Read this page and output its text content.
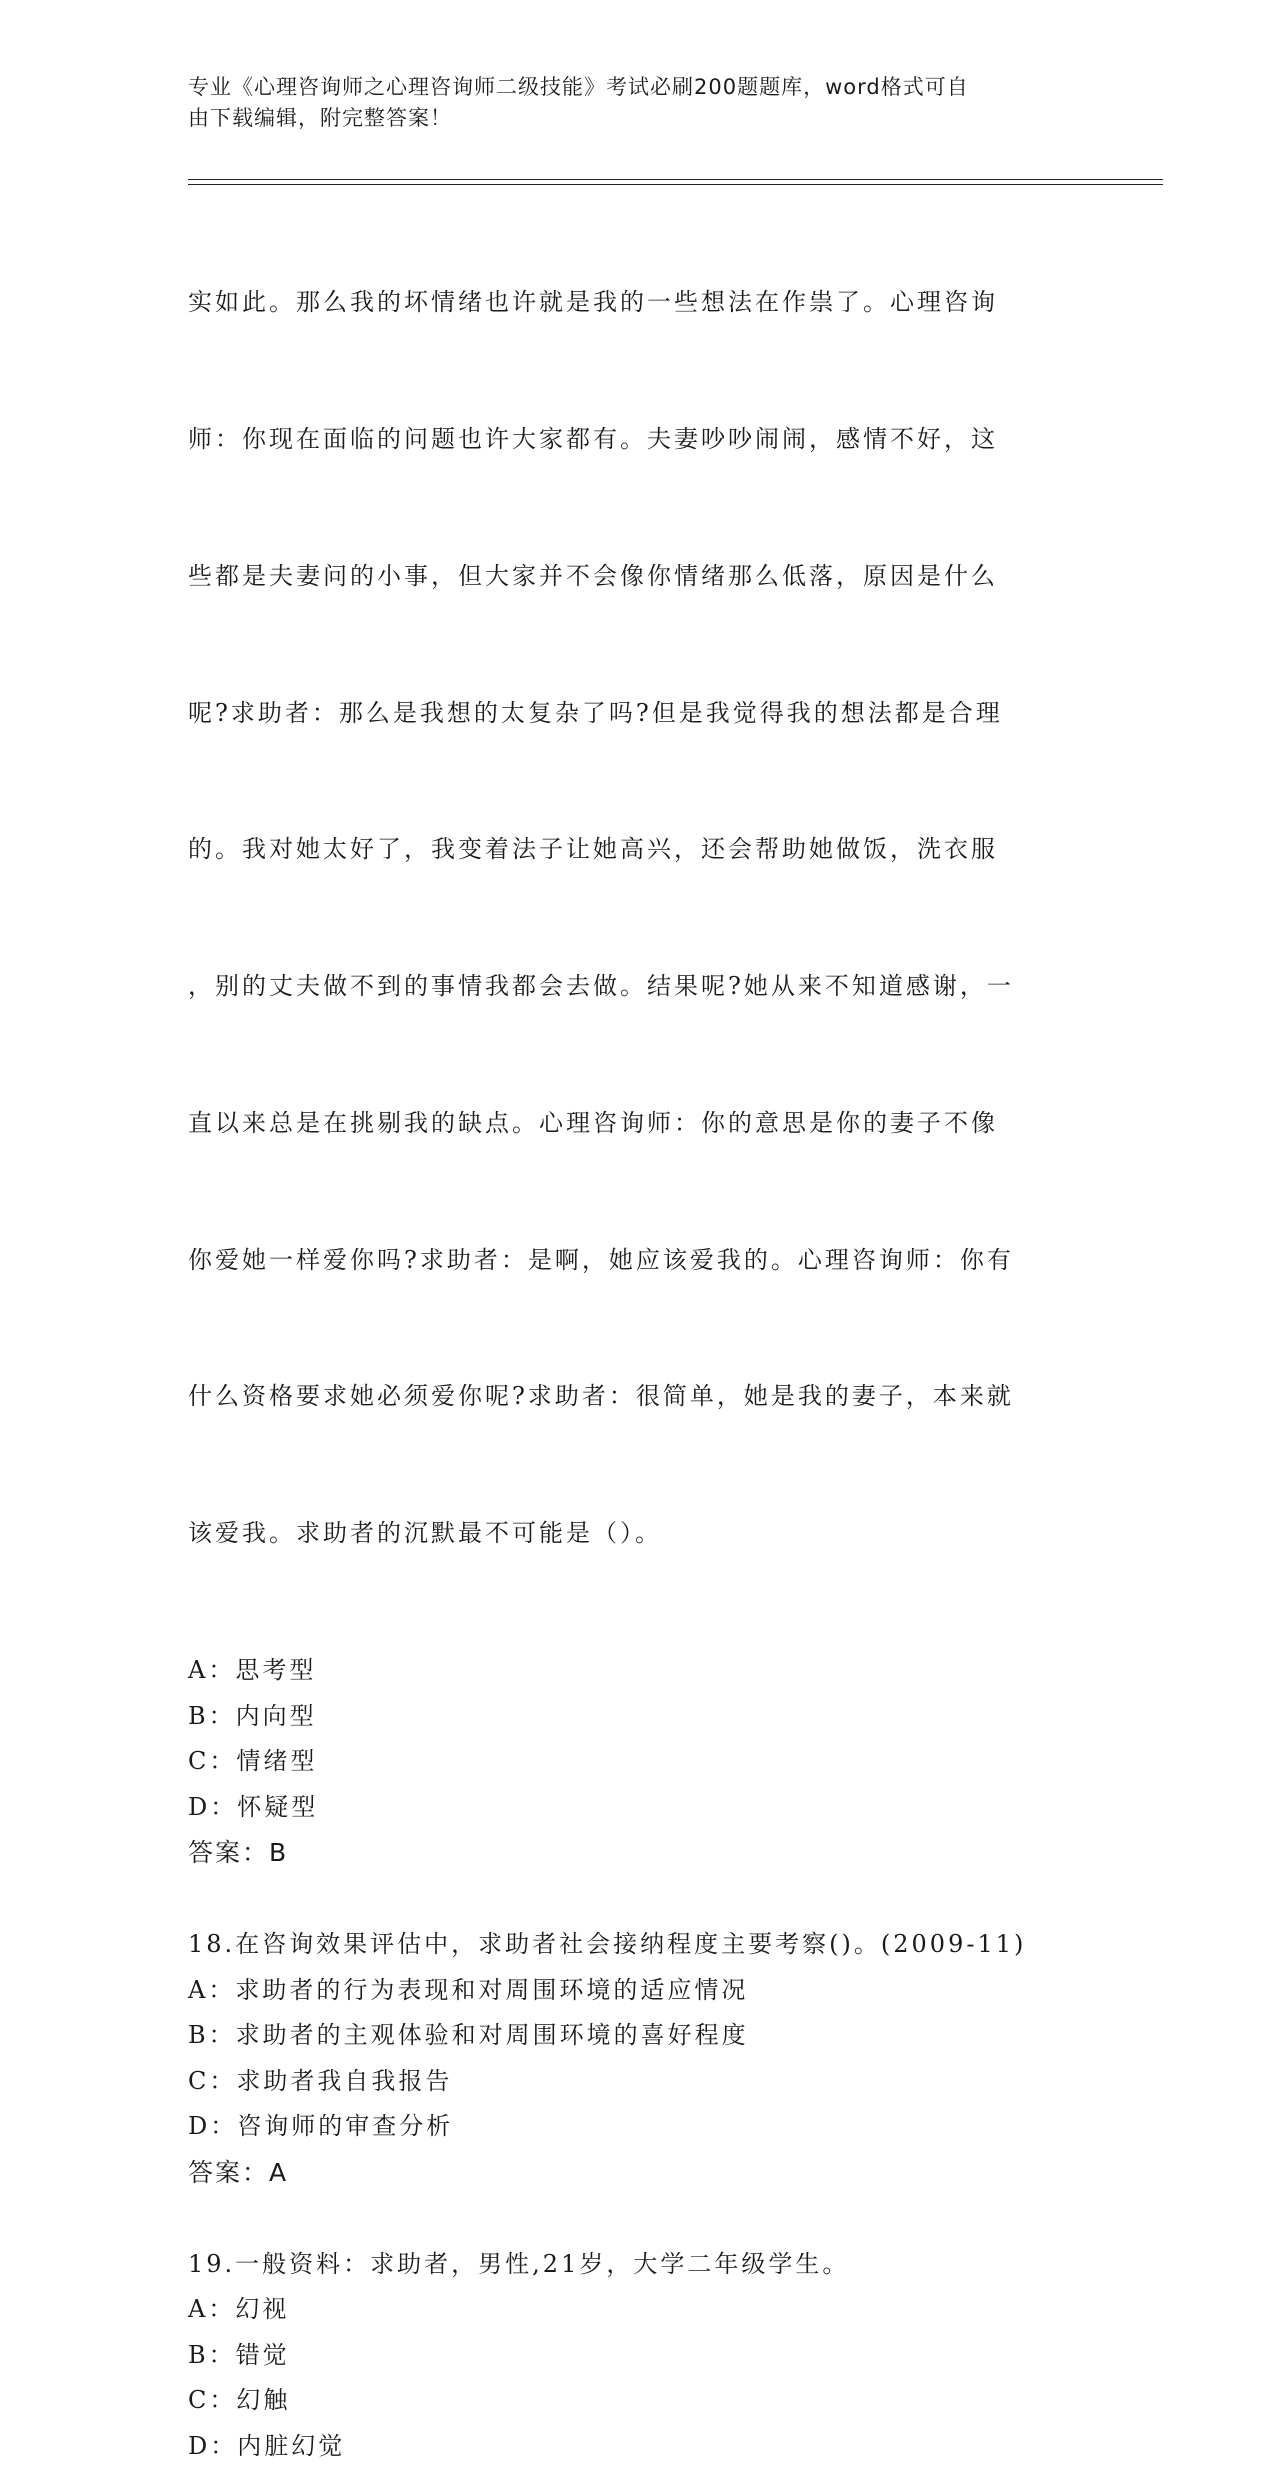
专业《心理咨询师之心理咨询师二级技能》考试必刷200题题库，word格式可自
由下载编辑，附完整答案！

实如此。那么我的坏情绪也许就是我的一些想法在作祟了。心理咨询

师：你现在面临的问题也许大家都有。夫妻吵吵闹闹，感情不好，这

些都是夫妻问的小事，但大家并不会像你情绪那么低落，原因是什么

呢?求助者：那么是我想的太复杂了吗?但是我觉得我的想法都是合理

的。我对她太好了，我变着法子让她高兴，还会帮助她做饭，洗衣服

，别的丈夫做不到的事情我都会去做。结果呢?她从来不知道感谢，一

直以来总是在挑剔我的缺点。心理咨询师：你的意思是你的妻子不像

你爱她一样爱你吗?求助者：是啊，她应该爱我的。心理咨询师：你有

什么资格要求她必须爱你呢?求助者：很简单，她是我的妻子，本来就

该爱我。求助者的沉默最不可能是（）。

A：思考型
B：内向型
C：情绪型
D：怀疑型
答案：B
18.在咨询效果评估中，求助者社会接纳程度主要考察()。(2009-11)
A：求助者的行为表现和对周围环境的适应情况
B：求助者的主观体验和对周围环境的喜好程度
C：求助者我自我报告
D：咨询师的审查分析
答案：A
19.一般资料：求助者，男性,21岁，大学二年级学生。
A：幻视
B：错觉
C：幻触
D：内脏幻觉
